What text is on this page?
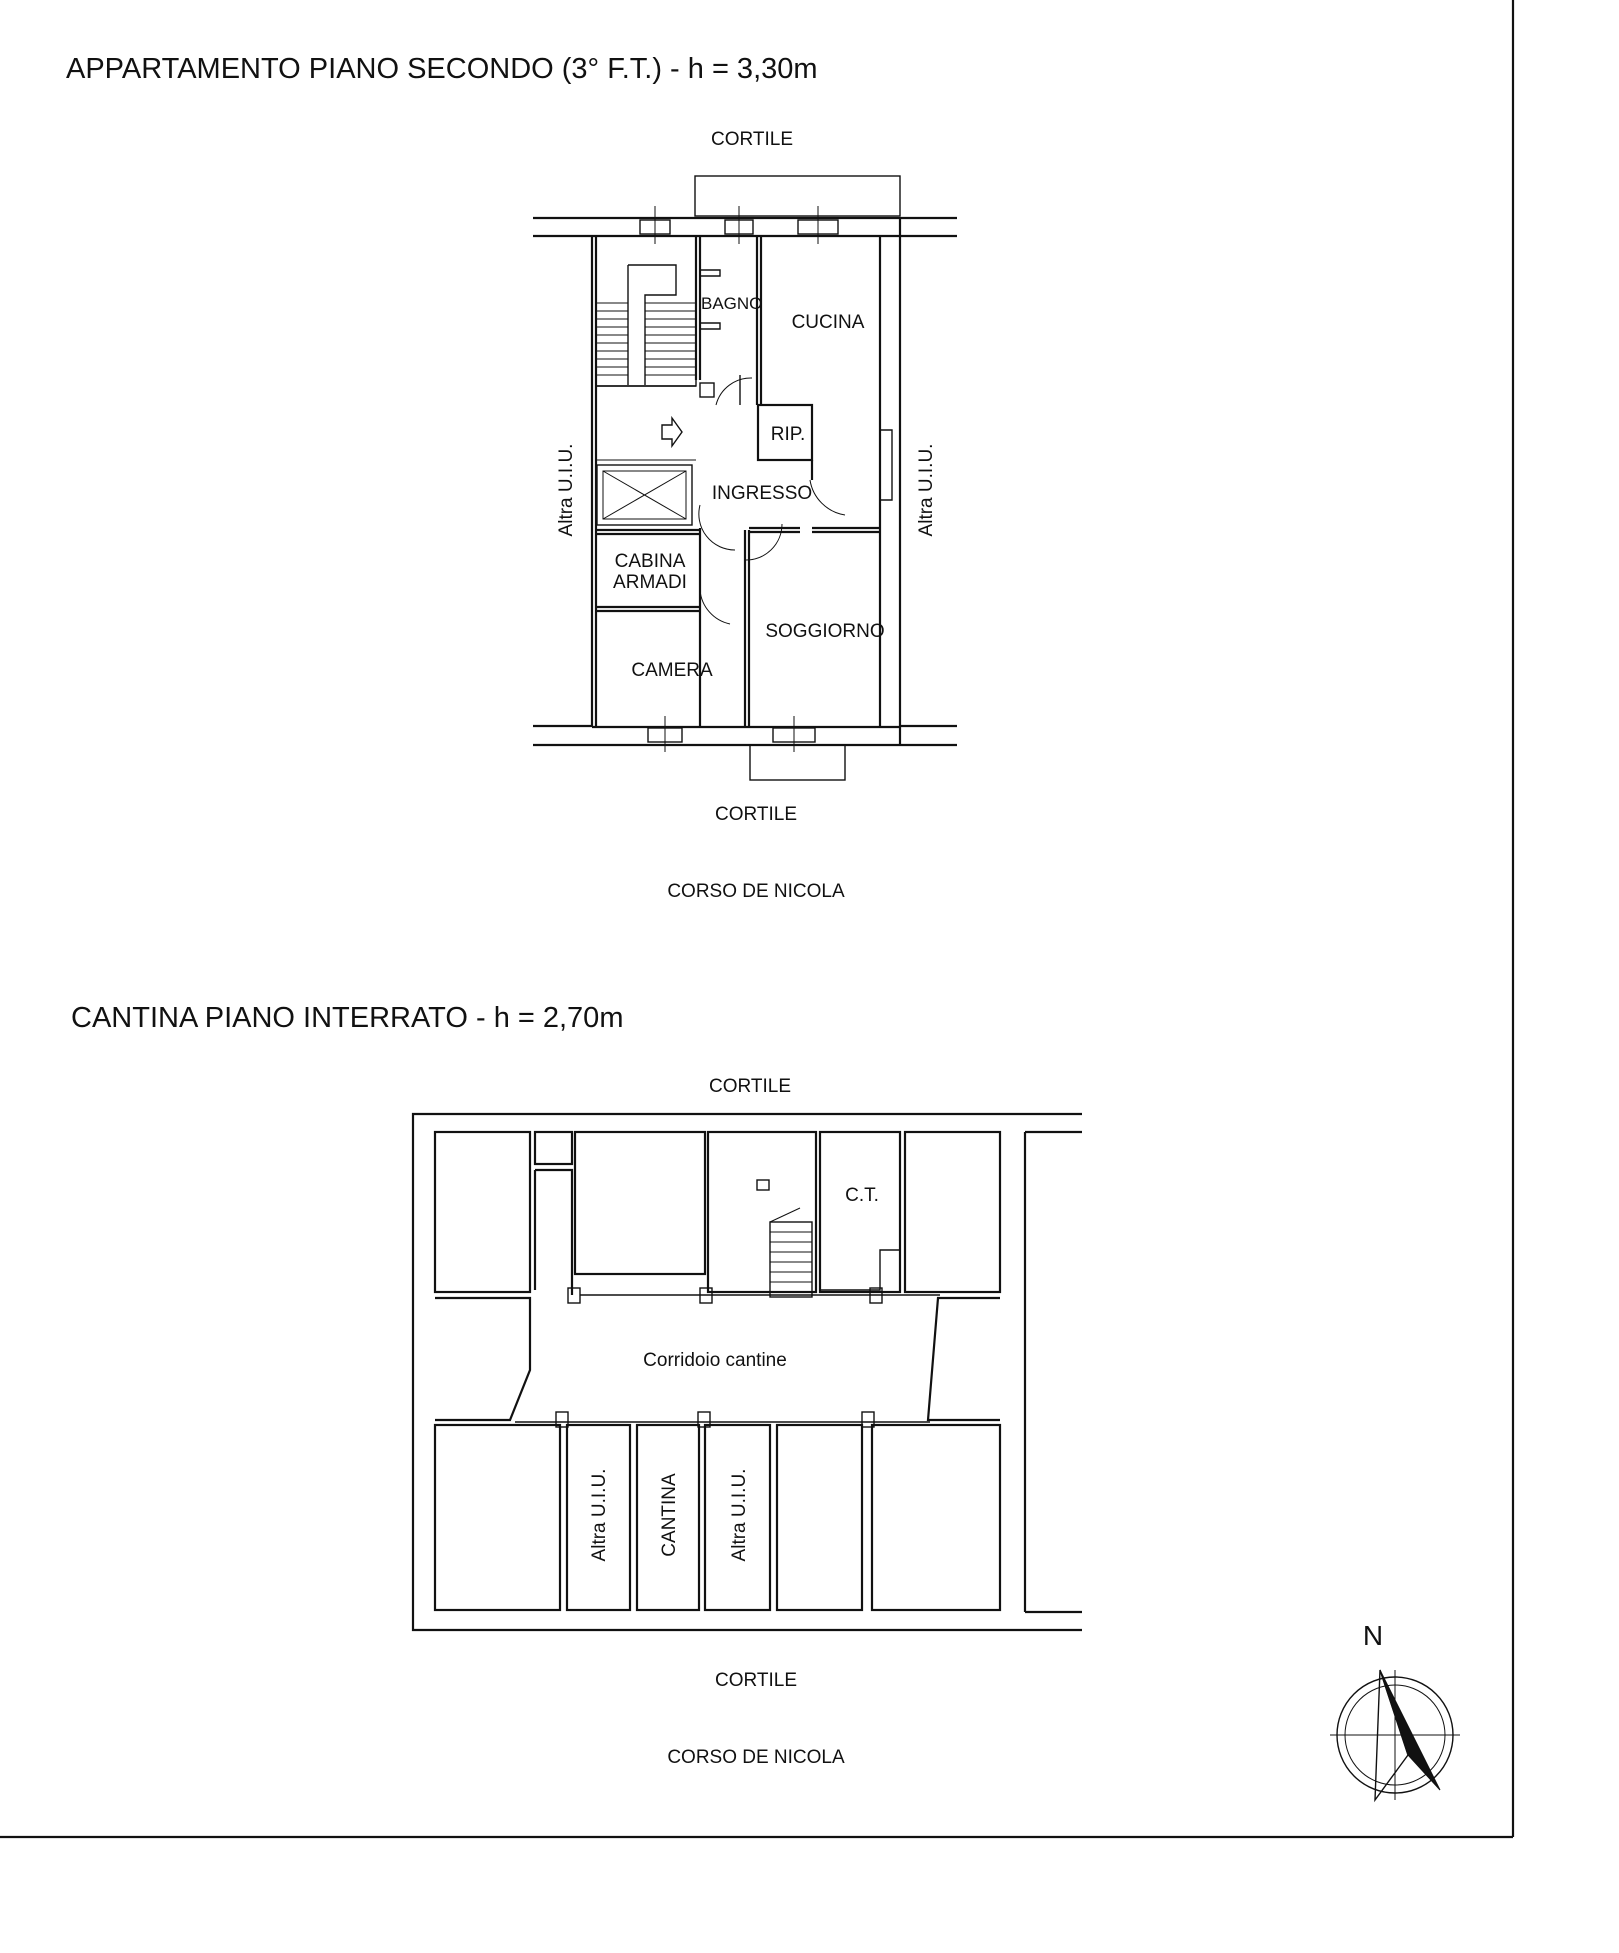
APPARTAMENTO PIANO SECONDO (3° F.T.) - h = 3,30m
CORTILE
BAGNO
CUCINA
RIP.
INGRESSO
CABINA
ARMADI
SOGGIORNO
CAMERA
Altra U.I.U.	Altra U.I.U.
CORTILE
CORSO DE NICOLA
CANTINA PIANO INTERRATO - h = 2,70m
CORTILE
C.T.
Corridoio cantine
Altra U.I.U.	CANTINA	Altra U.I.U.
CORTILE
CORSO DE NICOLA
N
